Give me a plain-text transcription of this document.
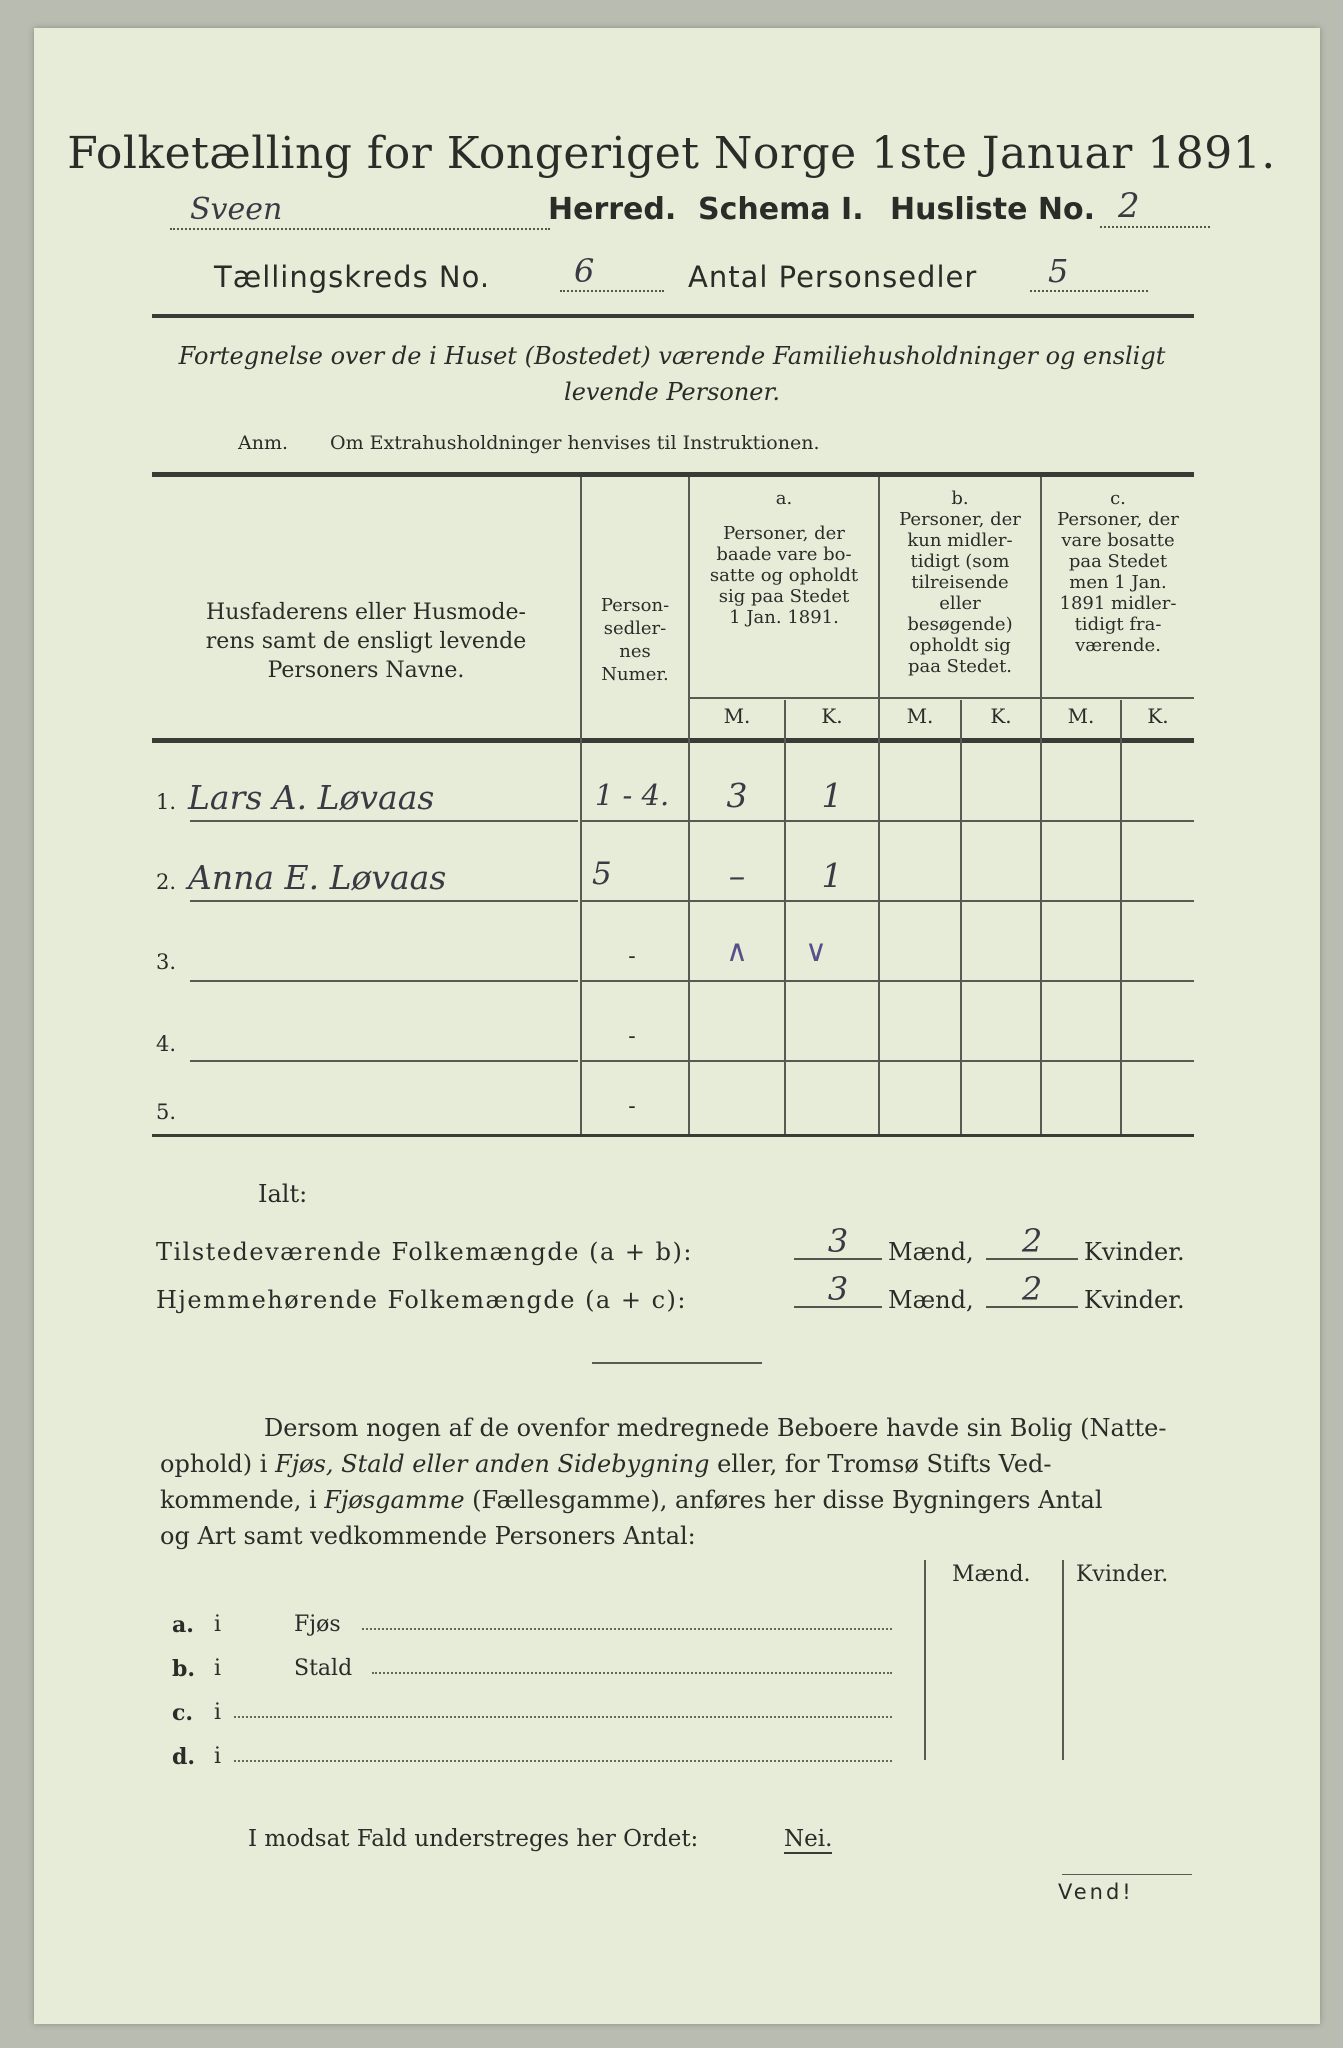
Folketælling for Kongeriget Norge 1ste Januar 1891.
Sveen	Herred. Schema I. Husliste No. 2
Tællingskreds No.	6	Antal Personsedler	5
Fortegnelse over de i Huset (Bostedet) værende Familiehusholdninger og ensligt
levende Personer.
Anm. Om Extrahusholdninger henvises til Instruktionen.
Husfaderens eller Husmode-
rens samt de ensligt levende
Personers Navne.
Person-
sedler-
nes
Numer.
a.
Personer, der
baade vare bo-
satte og opholdt
sig paa Stedet
1 Jan. 1891.
b.
Personer, der
kun midler-
tidigt (som
tilreisende
eller
besøgende)
opholdt sig
paa Stedet.
c.
Personer, der
vare bosatte
paa Stedet
men 1 Jan.
1891 midler-
tidigt fra-
værende.
M.	K.	M.	K.	M.	K.
1. Lars A. Løvaas	1 - 4.	3	1
2. Anna E. Løvaas	5	–	1
3.	-	∧	∨
4.	-
5.	-
Ialt:
Tilstedeværende Folkemængde (a + b):	3	Mænd,	2	Kvinder.
Hjemmehørende Folkemængde (a + c):	3	Mænd,	2	Kvinder.
Dersom nogen af de ovenfor medregnede Beboere havde sin Bolig (Natte-
ophold) i Fjøs, Stald eller anden Sidebygning eller, for Tromsø Stifts Ved-
kommende, i Fjøsgamme (Fællesgamme), anføres her disse Bygningers Antal
og Art samt vedkommende Personers Antal:
Mænd. Kvinder.
a. i	Fjøs
b. i	Stald
c. i
d. i
I modsat Fald understreges her Ordet:	Nei.
Vend!
